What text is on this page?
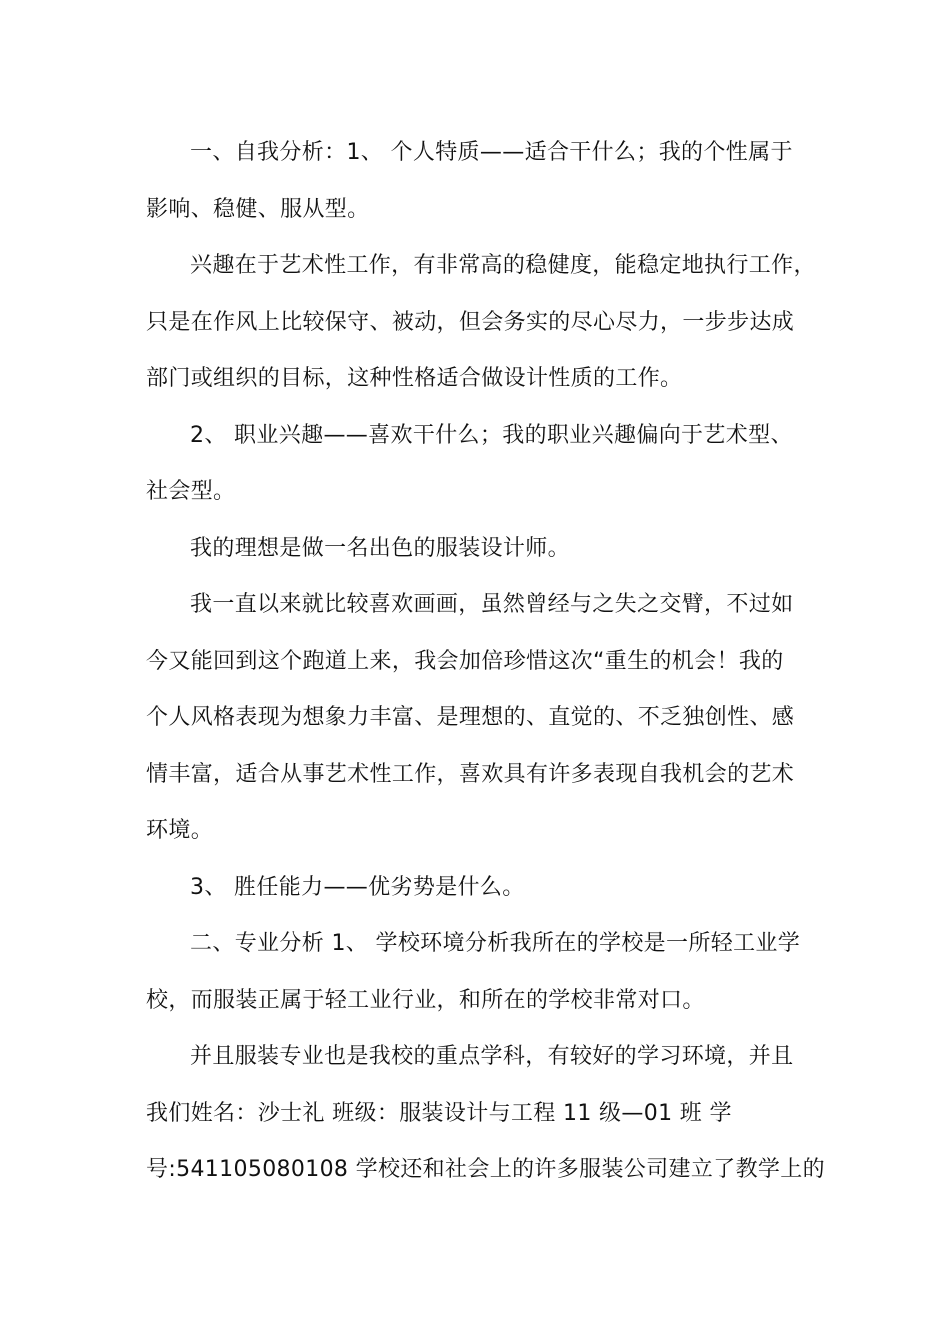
一、自我分析：1、 个人特质——适合干什么；我的个性属于
影响、稳健、服从型。
兴趣在于艺术性工作，有非常高的稳健度，能稳定地执行工作，
只是在作风上比较保守、被动，但会务实的尽心尽力，一步步达成
部门或组织的目标，这种性格适合做设计性质的工作。
2、 职业兴趣——喜欢干什么；我的职业兴趣偏向于艺术型、
社会型。
我的理想是做一名出色的服装设计师。
我一直以来就比较喜欢画画，虽然曾经与之失之交臂，不过如
今又能回到这个跑道上来，我会加倍珍惜这次“重生的机会！我的
个人风格表现为想象力丰富、是理想的、直觉的、不乏独创性、感
情丰富，适合从事艺术性工作，喜欢具有许多表现自我机会的艺术
环境。
3、 胜任能力——优劣势是什么。
二、专业分析 1、 学校环境分析我所在的学校是一所轻工业学
校，而服装正属于轻工业行业，和所在的学校非常对口。
并且服装专业也是我校的重点学科，有较好的学习环境，并且
我们姓名：沙士礼 班级：服装设计与工程 11 级—01 班 学
号:541105080108 学校还和社会上的许多服装公司建立了教学上的
